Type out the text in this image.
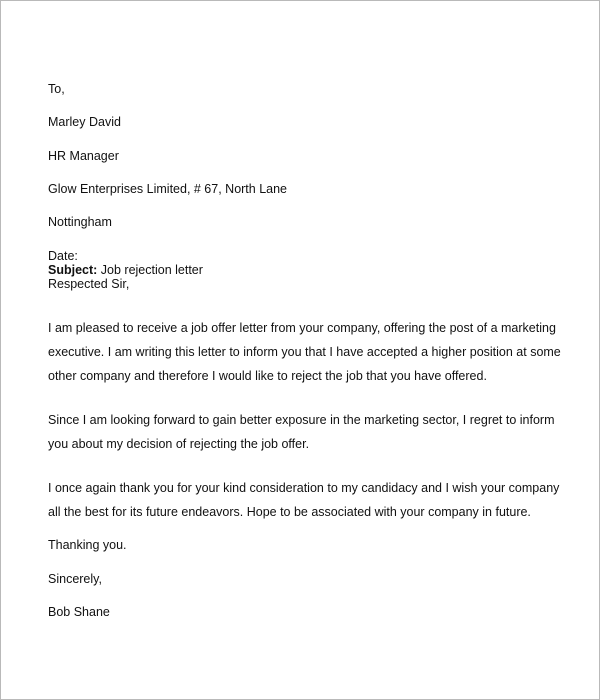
To,
Marley David
HR Manager
Glow Enterprises Limited, # 67, North Lane
Nottingham
Date:
Subject: Job rejection letter
Respected Sir,
I am pleased to receive a job offer letter from your company, offering the post of a marketing
executive. I am writing this letter to inform you that I have accepted a higher position at some
other company and therefore I would like to reject the job that you have offered.
Since I am looking forward to gain better exposure in the marketing sector, I regret to inform
you about my decision of rejecting the job offer.
I once again thank you for your kind consideration to my candidacy and I wish your company
all the best for its future endeavors. Hope to be associated with your company in future.
Thanking you.
Sincerely,
Bob Shane
